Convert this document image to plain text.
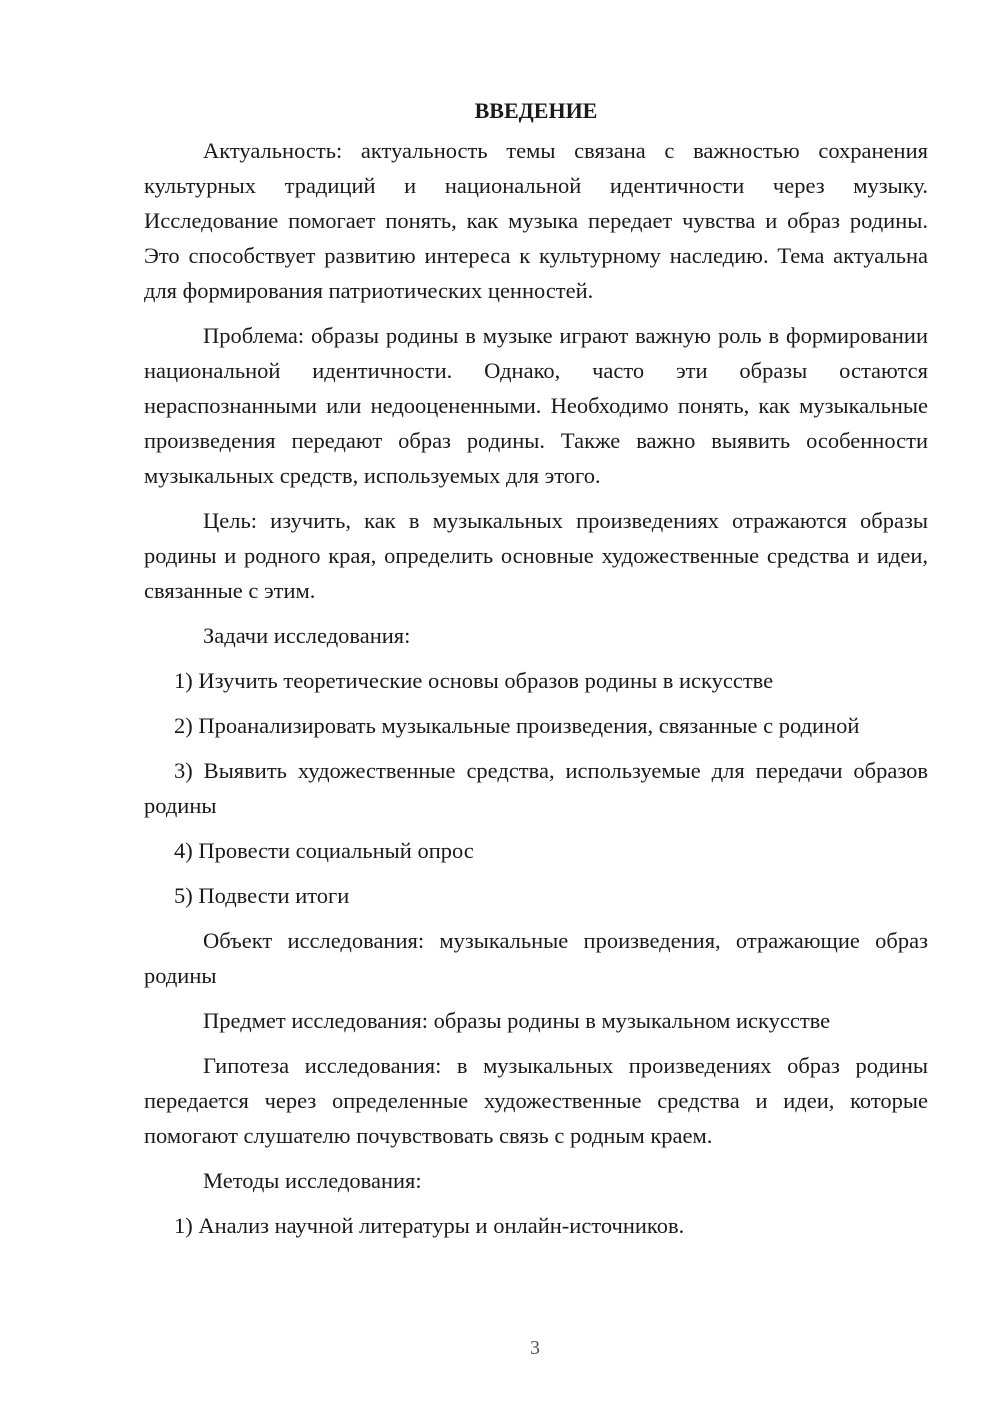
ВВЕДЕНИЕ

Актуальность: актуальность темы связана с важностью сохранения культурных традиций и национальной идентичности через музыку. Исследование помогает понять, как музыка передает чувства и образ родины. Это способствует развитию интереса к культурному наследию. Тема актуальна для формирования патриотических ценностей.

Проблема: образы родины в музыке играют важную роль в формировании национальной идентичности. Однако, часто эти образы остаются нераспознанными или недооцененными. Необходимо понять, как музыкальные произведения передают образ родины. Также важно выявить особенности музыкальных средств, используемых для этого.

Цель: изучить, как в музыкальных произведениях отражаются образы родины и родного края, определить основные художественные средства и идеи, связанные с этим.

Задачи исследования:

1) Изучить теоретические основы образов родины в искусстве

2) Проанализировать музыкальные произведения, связанные с родиной

3) Выявить художественные средства, используемые для передачи образов родины

4) Провести социальный опрос

5) Подвести итоги

Объект исследования: музыкальные произведения, отражающие образ родины

Предмет исследования: образы родины в музыкальном искусстве

Гипотеза исследования: в музыкальных произведениях образ родины передается через определенные художественные средства и идеи, которые помогают слушателю почувствовать связь с родным краем.

Методы исследования:

1) Анализ научной литературы и онлайн-источников.

3
